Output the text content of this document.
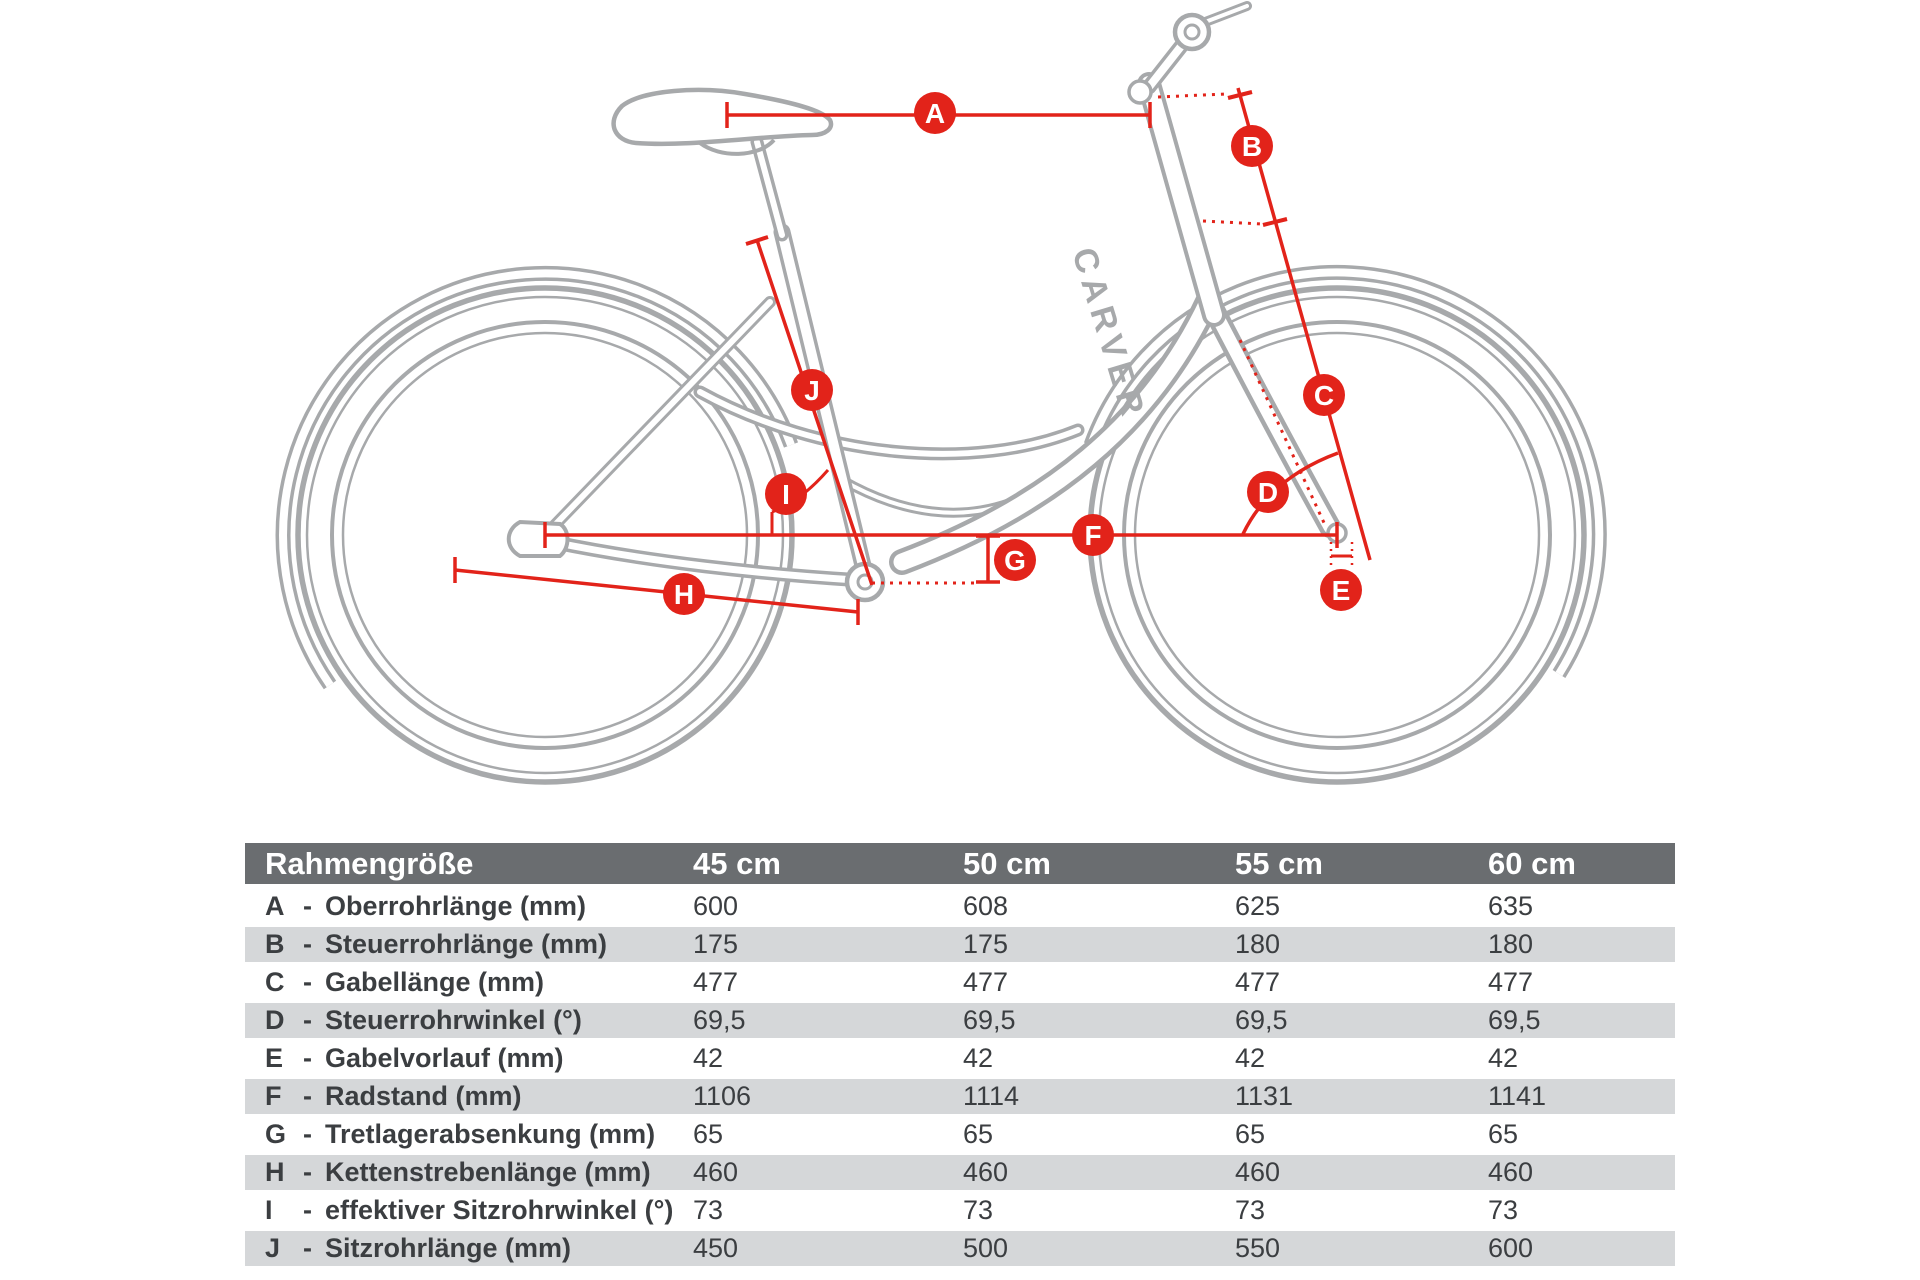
CARVER
A
B
C
D
E
F
G
H
I
J
Rahmengröße	45 cm	50 cm	55 cm	60 cm
A - Oberrohrlänge (mm)	600	608	625	635
B - Steuerrohrlänge (mm)	175	175	180	180
C - Gabellänge (mm)	477	477	477	477
D - Steuerrohrwinkel (°)	69,5	69,5	69,5	69,5
E - Gabelvorlauf (mm)	42	42	42	42
F - Radstand (mm)	1106	1114	1131	1141
G - Tretlagerabsenkung (mm) 65	65	65	65
H - Kettenstrebenlänge (mm) 460	460	460	460
I	- effektiver Sitzrohrwinkel (°) 73	73	73	73
J - Sitzrohrlänge (mm)	450	500	550	600
